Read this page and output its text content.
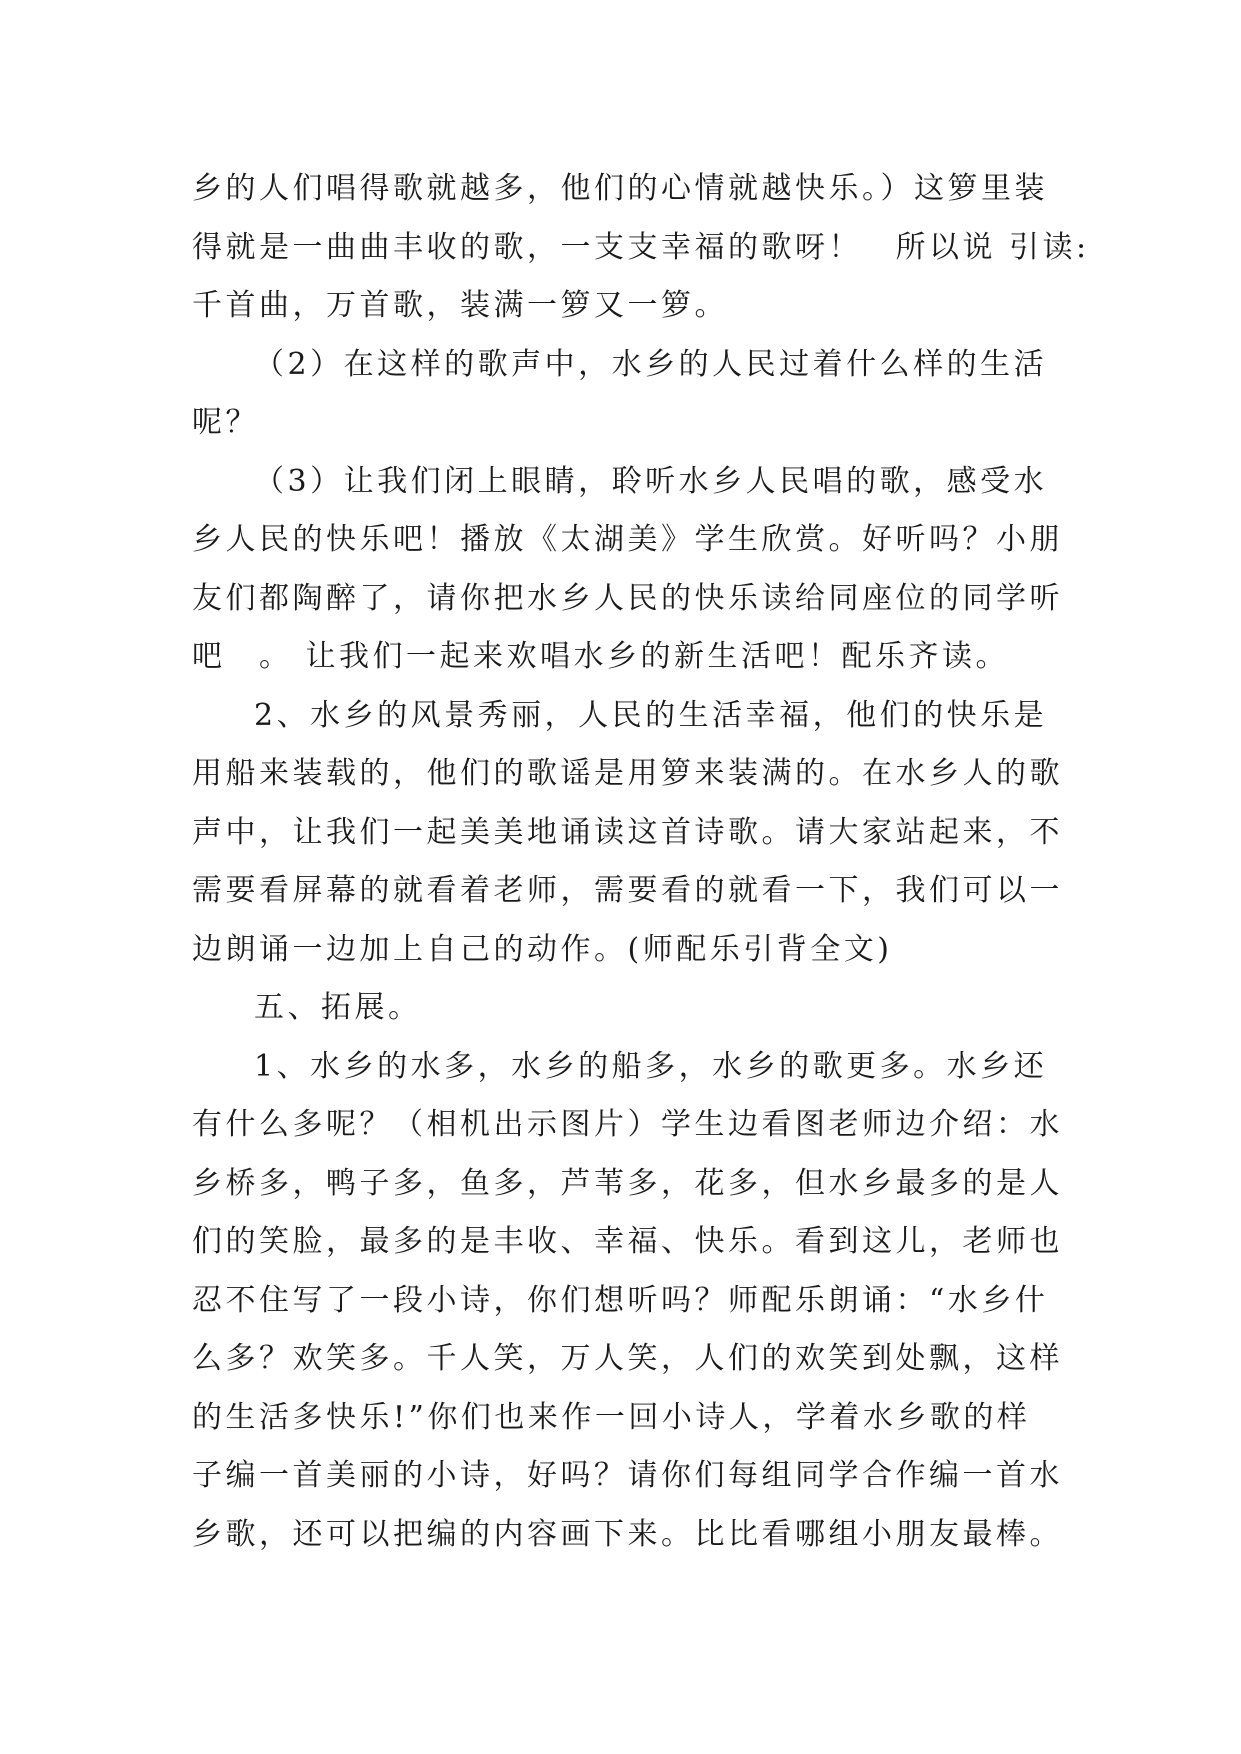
乡的人们唱得歌就越多，他们的心情就越快乐。）这箩里装
得就是一曲曲丰收的歌，一支支幸福的歌呀！　所以说 引读:
千首曲，万首歌，装满一箩又一箩。
（2）在这样的歌声中，水乡的人民过着什么样的生活
呢？
（3）让我们闭上眼睛，聆听水乡人民唱的歌，感受水
乡人民的快乐吧！播放《太湖美》学生欣赏。好听吗？小朋
友们都陶醉了，请你把水乡人民的快乐读给同座位的同学听
吧　。 让我们一起来欢唱水乡的新生活吧！配乐齐读。
2、水乡的风景秀丽，人民的生活幸福，他们的快乐是
用船来装载的，他们的歌谣是用箩来装满的。在水乡人的歌
声中，让我们一起美美地诵读这首诗歌。请大家站起来，不
需要看屏幕的就看着老师，需要看的就看一下，我们可以一
边朗诵一边加上自己的动作。(师配乐引背全文)
五、拓展。
1、水乡的水多，水乡的船多，水乡的歌更多。水乡还
有什么多呢？（相机出示图片）学生边看图老师边介绍：水
乡桥多，鸭子多，鱼多，芦苇多，花多，但水乡最多的是人
们的笑脸，最多的是丰收、幸福、快乐。看到这儿，老师也
忍不住写了一段小诗，你们想听吗？师配乐朗诵：“水乡什
么多？欢笑多。千人笑，万人笑，人们的欢笑到处飘，这样
的生活多快乐!”你们也来作一回小诗人，学着水乡歌的样
子编一首美丽的小诗，好吗？请你们每组同学合作编一首水
乡歌，还可以把编的内容画下来。比比看哪组小朋友最棒。
